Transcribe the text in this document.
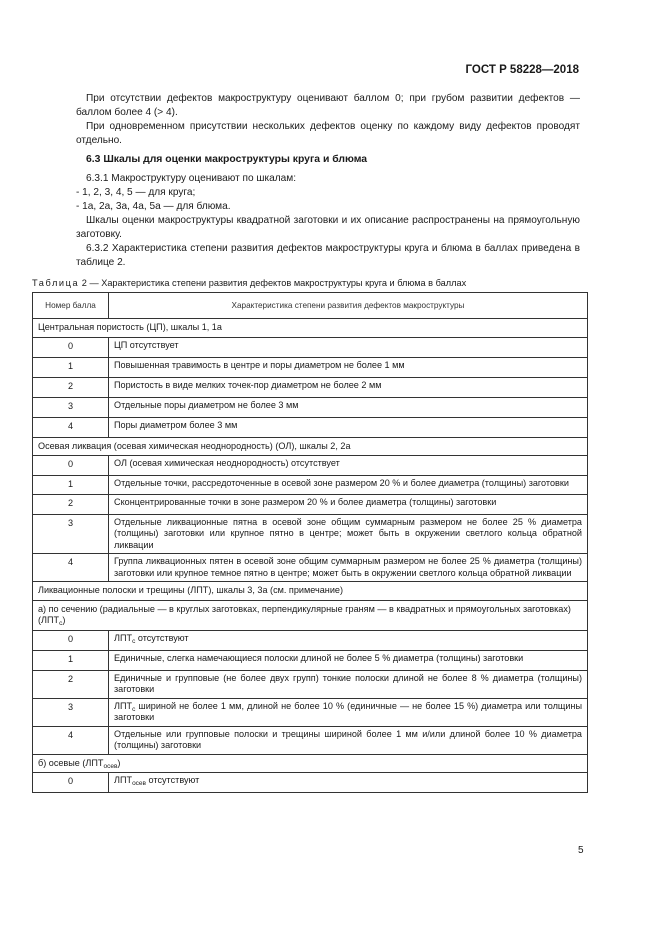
ГОСТ Р 58228—2018
При отсутствии дефектов макроструктуру оценивают баллом 0; при грубом развитии дефектов — баллом более 4 (> 4).
При одновременном присутствии нескольких дефектов оценку по каждому виду дефектов проводят отдельно.
6.3 Шкалы для оценки макроструктуры круга и блюма
6.3.1 Макроструктуру оценивают по шкалам:
- 1, 2, 3, 4, 5 — для круга;
- 1а, 2а, 3а, 4а, 5а — для блюма.
Шкалы оценки макроструктуры квадратной заготовки и их описание распространены на прямоугольную заготовку.
6.3.2 Характеристика степени развития дефектов макроструктуры круга и блюма в баллах приведена в таблице 2.
Таблица 2 — Характеристика степени развития дефектов макроструктуры круга и блюма в баллах
Номер балла	Характеристика степени развития дефектов макроструктуры
Центральная пористость (ЦП), шкалы 1, 1а	
0	ЦП отсутствует
1	Повышенная травимость в центре и поры диаметром не более 1 мм
2	Пористость в виде мелких точек-пор диаметром не более 2 мм
3	Отдельные поры диаметром не более 3 мм
4	Поры диаметром более 3 мм
Осевая ликвация (осевая химическая неоднородность) (ОЛ), шкалы 2, 2а	
0	ОЛ (осевая химическая неоднородность) отсутствует
1	Отдельные точки, рассредоточенные в осевой зоне размером 20 % и более диаметра (толщины) заготовки
2	Сконцентрированные точки в зоне размером 20 % и более диаметра (толщины) заготовки
3	Отдельные ликвационные пятна в осевой зоне общим суммарным размером не более 25 % диаметра (толщины) заготовки или крупное пятно в центре; может быть в окружении светлого кольца обратной ликвации
4	Группа ликвационных пятен в осевой зоне общим суммарным размером не более 25 % диаметра (толщины) заготовки или крупное темное пятно в центре; может быть в окружении светлого кольца обратной ликвации
Ликвационные полоски и трещины (ЛПТ), шкалы 3, 3а (см. примечание)	
а) по сечению (радиальные — в круглых заготовках, перпендикулярные граням — в квадратных и прямоугольных заготовках) $(ЛПТ_с)$	
0	$ЛПТ_с$ отсутствуют
1	Единичные, слегка намечающиеся полоски длиной не более 5 % диаметра (толщины) заготовки
2	Единичные и групповые (не более двух групп) тонкие полоски длиной не более 8 % диаметра (толщины) заготовки
3	$ЛПТ_с$ шириной не более 1 мм, длиной не более 10 % (единичные — не более 15 %) диаметра или толщины заготовки
4	Отдельные или групповые полоски и трещины шириной более 1 мм и/или длиной более 10 % диаметра (толщины) заготовки
б) осевые $(ЛПТ_{осев})$	
0	$ЛПТ_{осев}$ отсутствуют
5
